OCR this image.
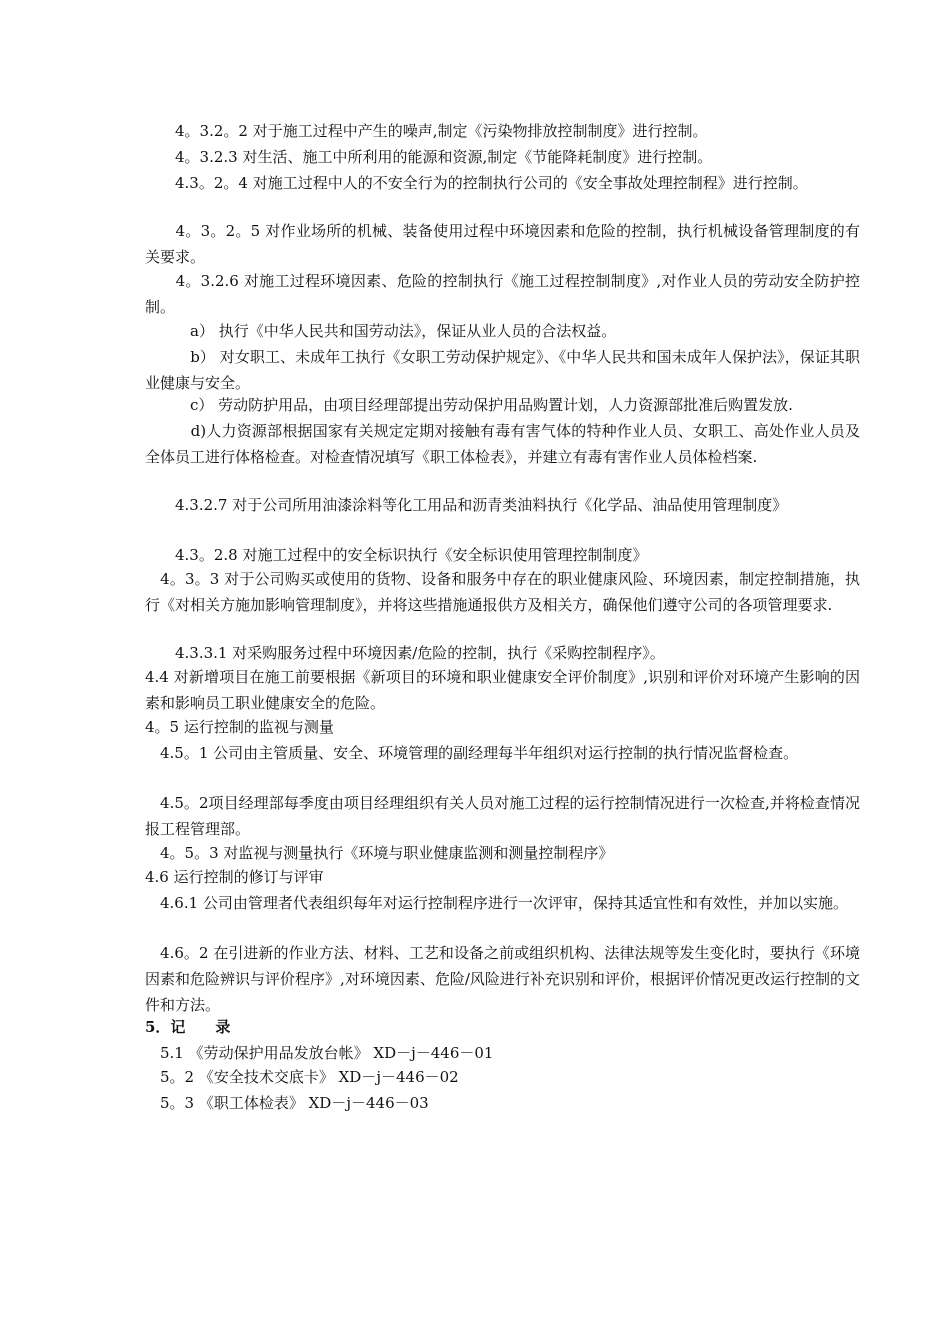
　　4。3.2。2 对于施工过程中产生的噪声,制定《污染物排放控制制度》进行控制。

　　4。3.2.3 对生活、施工中所利用的能源和资源,制定《节能降耗制度》进行控制。

　　4.3。2。4 对施工过程中人的不安全行为的控制执行公司的《安全事故处理控制程》进行控制。

　　4。3。2。5 对作业场所的机械、装备使用过程中环境因素和危险的控制，执行机械设备管理制度的有关要求。

　　4。3.2.6 对施工过程环境因素、危险的控制执行《施工过程控制制度》,对作业人员的劳动安全防护控制。

　　　a） 执行《中华人民共和国劳动法》，保证从业人员的合法权益。

　　　b） 对女职工、未成年工执行《女职工劳动保护规定》、《中华人民共和国未成年人保护法》，保证其职业健康与安全。

　　　c） 劳动防护用品，由项目经理部提出劳动保护用品购置计划，人力资源部批准后购置发放.

　　　d)人力资源部根据国家有关规定定期对接触有毒有害气体的特种作业人员、女职工、高处作业人员及全体员工进行体格检查。对检查情况填写《职工体检表》，并建立有毒有害作业人员体检档案.

　　4.3.2.7 对于公司所用油漆涂料等化工用品和沥青类油料执行《化学品、油品使用管理制度》

　　4.3。2.8 对施工过程中的安全标识执行《安全标识使用管理控制制度》

　4。3。3 对于公司购买或使用的货物、设备和服务中存在的职业健康风险、环境因素，制定控制措施，执行《对相关方施加影响管理制度》，并将这些措施通报供方及相关方，确保他们遵守公司的各项管理要求.

　　4.3.3.1 对采购服务过程中环境因素/危险的控制，执行《采购控制程序》。

4.4 对新增项目在施工前要根据《新项目的环境和职业健康安全评价制度》,识别和评价对环境产生影响的因素和影响员工职业健康安全的危险。

4。5 运行控制的监视与测量

　4.5。1 公司由主管质量、安全、环境管理的副经理每半年组织对运行控制的执行情况监督检查。

　4.5。2项目经理部每季度由项目经理组织有关人员对施工过程的运行控制情况进行一次检查,并将检查情况报工程管理部。

　4。5。3 对监视与测量执行《环境与职业健康监测和测量控制程序》

4.6 运行控制的修订与评审

　4.6.1 公司由管理者代表组织每年对运行控制程序进行一次评审，保持其适宜性和有效性，并加以实施。

　4.6。2 在引进新的作业方法、材料、工艺和设备之前或组织机构、法律法规等发生变化时，要执行《环境因素和危险辨识与评价程序》,对环境因素、危险/风险进行补充识别和评价，根据评价情况更改运行控制的文件和方法。

5．记　　录

　5.1 《劳动保护用品发放台帐》 XD－j－446－01

　5。2 《安全技术交底卡》 XD－j－446－02

　5。3 《职工体检表》 XD－j－446－03
